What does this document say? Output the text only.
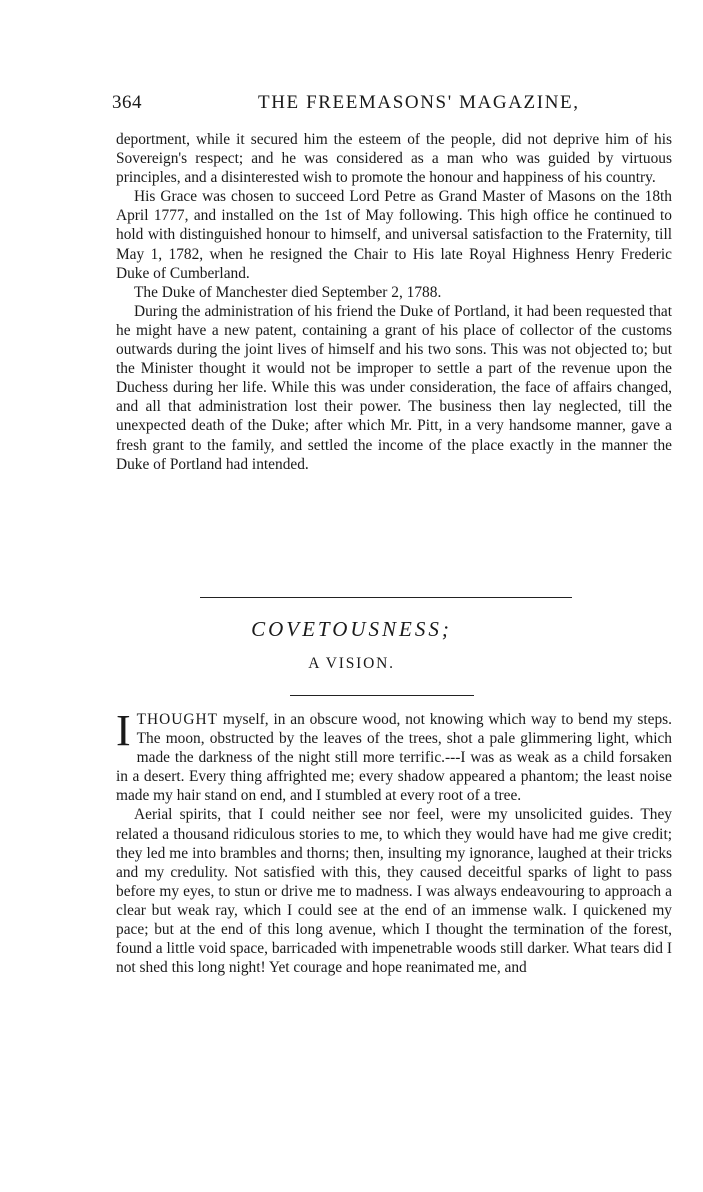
364	THE FREEMASONS' MAGAZINE,

deportment, while it secured him the esteem of the people, did not deprive him of his Sovereign's respect; and he was considered as a man who was guided by virtuous principles, and a disinterested wish to promote the honour and happiness of his country.

His Grace was chosen to succeed Lord Petre as Grand Master of Masons on the 18th April 1777, and installed on the 1st of May following. This high office he continued to hold with distinguished honour to himself, and universal satisfaction to the Fraternity, till May 1, 1782, when he resigned the Chair to His late Royal Highness Henry Frederic Duke of Cumberland.

The Duke of Manchester died September 2, 1788.

During the administration of his friend the Duke of Portland, it had been requested that he might have a new patent, containing a grant of his place of collector of the customs outwards during the joint lives of himself and his two sons. This was not objected to; but the Minister thought it would not be improper to settle a part of the revenue upon the Duchess during her life. While this was under consideration, the face of affairs changed, and all that administration lost their power. The business then lay neglected, till the unexpected death of the Duke; after which Mr. Pitt, in a very handsome manner, gave a fresh grant to the family, and settled the income of the place exactly in the manner the Duke of Portland had intended.

COVETOUSNESS;
A VISION.

ITHOUGHT myself, in an obscure wood, not knowing which way to bend my steps. The moon, obstructed by the leaves of the trees, shot a pale glimmering light, which made the darkness of the night still more terrific.---I was as weak as a child forsaken in a desert. Every thing affrighted me; every shadow appeared a phantom; the least noise made my hair stand on end, and I stumbled at every root of a tree.

Aerial spirits, that I could neither see nor feel, were my unsolicited guides. They related a thousand ridiculous stories to me, to which they would have had me give credit; they led me into brambles and thorns; then, insulting my ignorance, laughed at their tricks and my credulity. Not satisfied with this, they caused deceitful sparks of light to pass before my eyes, to stun or drive me to madness. I was always endeavouring to approach a clear but weak ray, which I could see at the end of an immense walk. I quickened my pace; but at the end of this long avenue, which I thought the termination of the forest, found a little void space, barricaded with impenetrable woods still darker. What tears did I not shed this long night! Yet courage and hope reanimated me, and
